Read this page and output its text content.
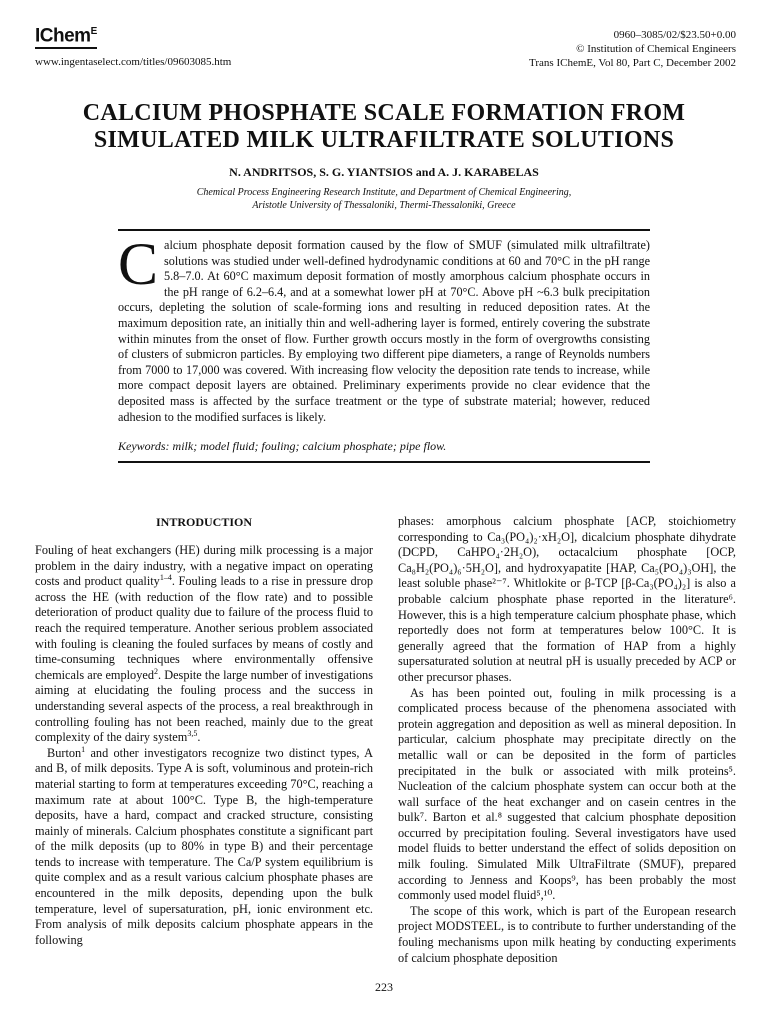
IChem$^E$
www.ingentaselect.com/titles/09603085.htm
0960–3085/02/$23.50+0.00
© Institution of Chemical Engineers
Trans IChemE, Vol 80, Part C, December 2002
CALCIUM PHOSPHATE SCALE FORMATION FROM
SIMULATED MILK ULTRAFILTRATE SOLUTIONS
N. ANDRITSOS, S. G. YIANTSIOS and A. J. KARABELAS
Chemical Process Engineering Research Institute, and Department of Chemical Engineering,
Aristotle University of Thessaloniki, Thermi-Thessaloniki, Greece
Calcium phosphate deposit formation caused by the flow of SMUF (simulated milk ultrafiltrate) solutions was studied under well-defined hydrodynamic conditions at 60 and 70°C in the pH range 5.8–7.0. At 60°C maximum deposit formation of mostly amorphous calcium phosphate occurs in the pH range of 6.2–6.4, and at a somewhat lower pH at 70°C. Above pH ~6.3 bulk precipitation occurs, depleting the solution of scale-forming ions and resulting in reduced deposition rates. At the maximum deposition rate, an initially thin and well-adhering layer is formed, entirely covering the substrate within minutes from the onset of flow. Further growth occurs mostly in the form of overgrowths consisting of clusters of submicron particles. By employing two different pipe diameters, a range of Reynolds numbers from 7000 to 17,000 was covered. With increasing flow velocity the deposition rate tends to increase, while more compact deposit layers are obtained. Preliminary experiments provide no clear evidence that the deposited mass is affected by the surface treatment or the type of substrate material; however, reduced adhesion to the modified surfaces is likely.
Keywords: milk; model fluid; fouling; calcium phosphate; pipe flow.
INTRODUCTION

Fouling of heat exchangers (HE) during milk processing is a major problem in the dairy industry, with a negative impact on operating costs and product quality$^{1-4}$. Fouling leads to a rise in pressure drop across the HE (with reduction of the flow rate) and to possible deterioration of product quality due to failure of the process fluid to reach the required temperature. Another serious problem associated with fouling is cleaning the fouled surfaces by means of costly and time-consuming techniques where environmentally offensive chemicals are employed$^2$. Despite the large number of investigations aiming at elucidating the fouling process and the success in understanding several aspects of the process, a real breakthrough in controlling fouling has not been reached, mainly due to the great complexity of the dairy system$^{3,5}$.

Burton$^1$ and other investigators recognize two distinct types, A and B, of milk deposits. Type A is soft, voluminous and protein-rich material starting to form at temperatures exceeding 70°C, reaching a maximum rate at about 100°C. Type B, the high-temperature deposits, have a hard, compact and cracked structure, consisting mainly of minerals. Calcium phosphates constitute a significant part of the milk deposits (up to 80% in type B) and their percentage tends to increase with temperature. The Ca/P system equilibrium is quite complex and as a result various calcium phosphate phases are encountered in the milk deposits, depending upon the bulk temperature, level of supersaturation, pH, ionic environment etc. From analysis of milk deposits calcium phosphate appears in the following

phases: amorphous calcium phosphate [ACP, stoichiometry corresponding to Ca₃(PO₄)₂·xH₂O], dicalcium phosphate dihydrate (DCPD, CaHPO₄·2H₂O), octacalcium phosphate [OCP, Ca₈H₂(PO₄)₆·5H₂O], and hydroxyapatite [HAP, Ca₅(PO₄)₃OH], the least soluble phase²⁻⁷. Whitlokite or β-TCP [β-Ca₃(PO₄)₂] is also a probable calcium phosphate phase reported in the literature⁶. However, this is a high temperature calcium phosphate phase, which reportedly does not form at temperatures below 100°C. It is generally agreed that the formation of HAP from a highly supersaturated solution at neutral pH is usually preceded by ACP or other precursor phases.

As has been pointed out, fouling in milk processing is a complicated process because of the phenomena associated with protein aggregation and deposition as well as mineral deposition. In particular, calcium phosphate may precipitate directly on the metallic wall or can be deposited in the form of particles precipitated in the bulk or associated with milk proteins⁵. Nucleation of the calcium phosphate system can occur both at the wall surface of the heat exchanger and on casein centres in the bulk⁷. Barton et al.⁸ suggested that calcium phosphate deposition occurred by precipitation fouling. Several investigators have used model fluids to better understand the effect of solids deposition on milk fouling. Simulated Milk UltraFiltrate (SMUF), prepared according to Jenness and Koops⁹, has been probably the most commonly used model fluid⁵,¹⁰.

The scope of this work, which is part of the European research project MODSTEEL, is to contribute to further understanding of the fouling mechanisms upon milk heating by conducting experiments of calcium phosphate deposition

223
